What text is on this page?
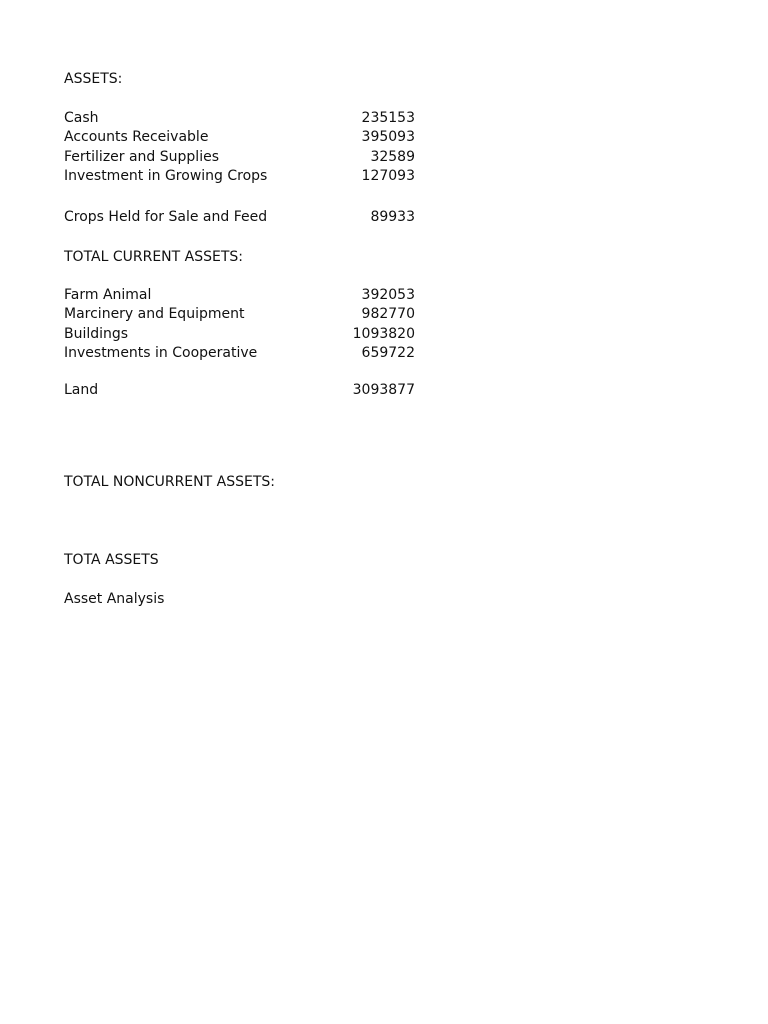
ASSETS:
Cash	235153
Accounts Receivable	395093
Fertilizer and Supplies	32589
Investment in Growing Crops	127093
Crops Held for Sale and Feed	89933
TOTAL CURRENT ASSETS:
Farm Animal	392053
Marcinery and Equipment	982770
Buildings	1093820
Investments in Cooperative	659722
Land	3093877
TOTAL NONCURRENT ASSETS:
TOTA ASSETS
Asset Analysis
